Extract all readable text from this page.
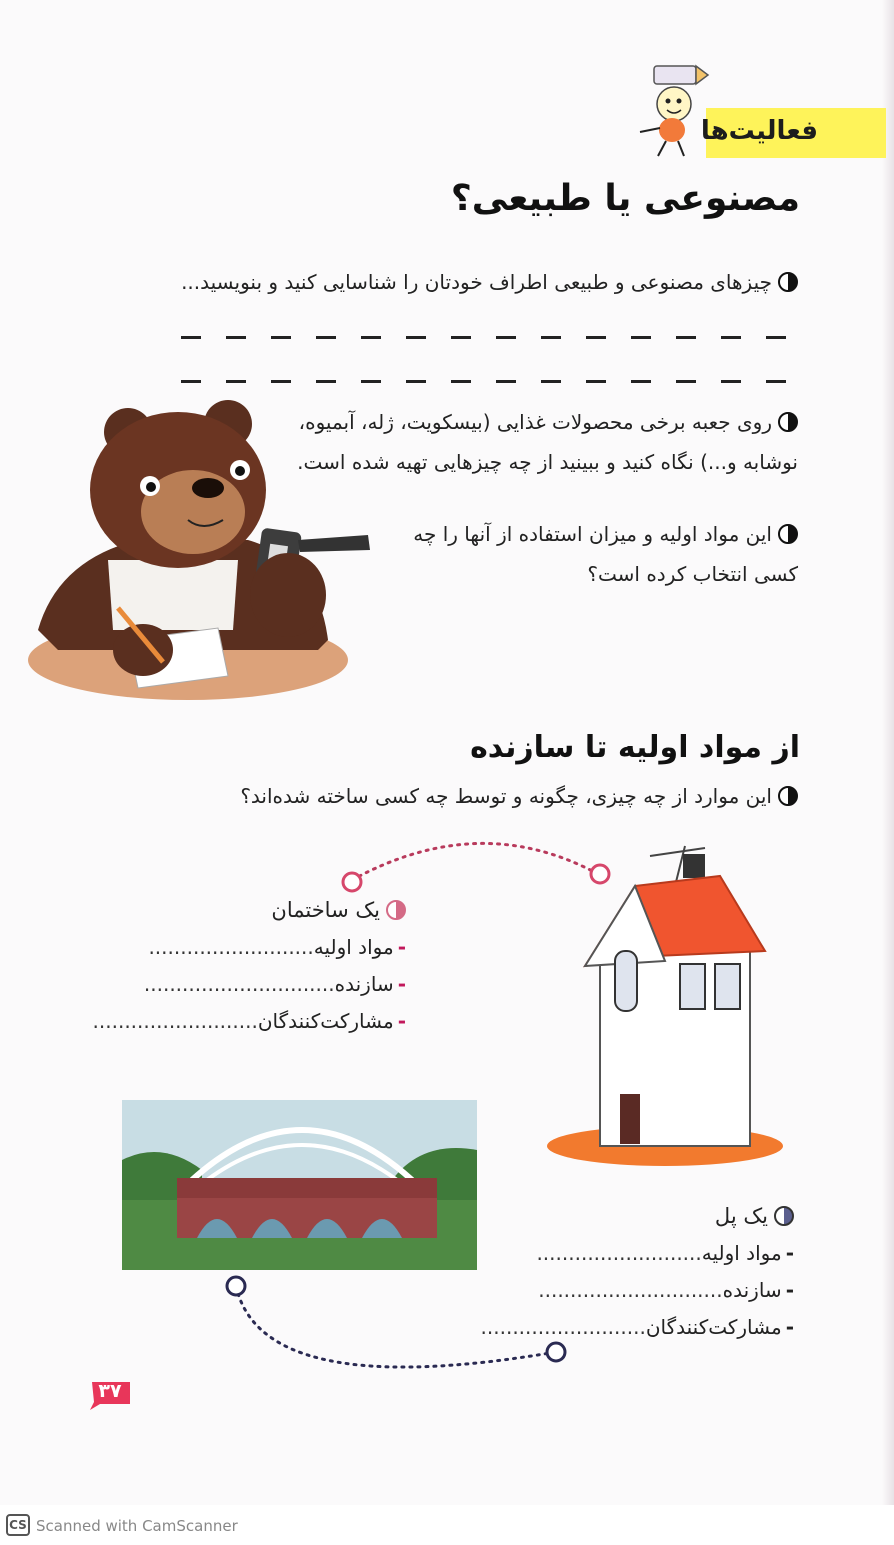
فعالیت‌ها
مصنوعی یا طبیعی؟
چیزهای مصنوعی و طبیعی اطراف خودتان را شناسایی کنید و بنویسید...
روی جعبه برخی محصولات غذایی (بیسکویت، ژله، آبمیوه،
نوشابه و...) نگاه کنید و ببینید از چه چیزهایی تهیه شده است.
این مواد اولیه و میزان استفاده از آنها را چه
کسی انتخاب کرده است؟
از مواد اولیه تا سازنده
این موارد از چه چیزی، چگونه و توسط چه کسی ساخته شده‌اند؟
یک ساختمان
-مواد اولیه..........................
-سازنده..............................
-مشارکت‌کنندگان..........................
یک پل
-مواد اولیه..........................
-سازنده.............................
-مشارکت‌کنندگان..........................
۳۷
CS Scanned with CamScanner
